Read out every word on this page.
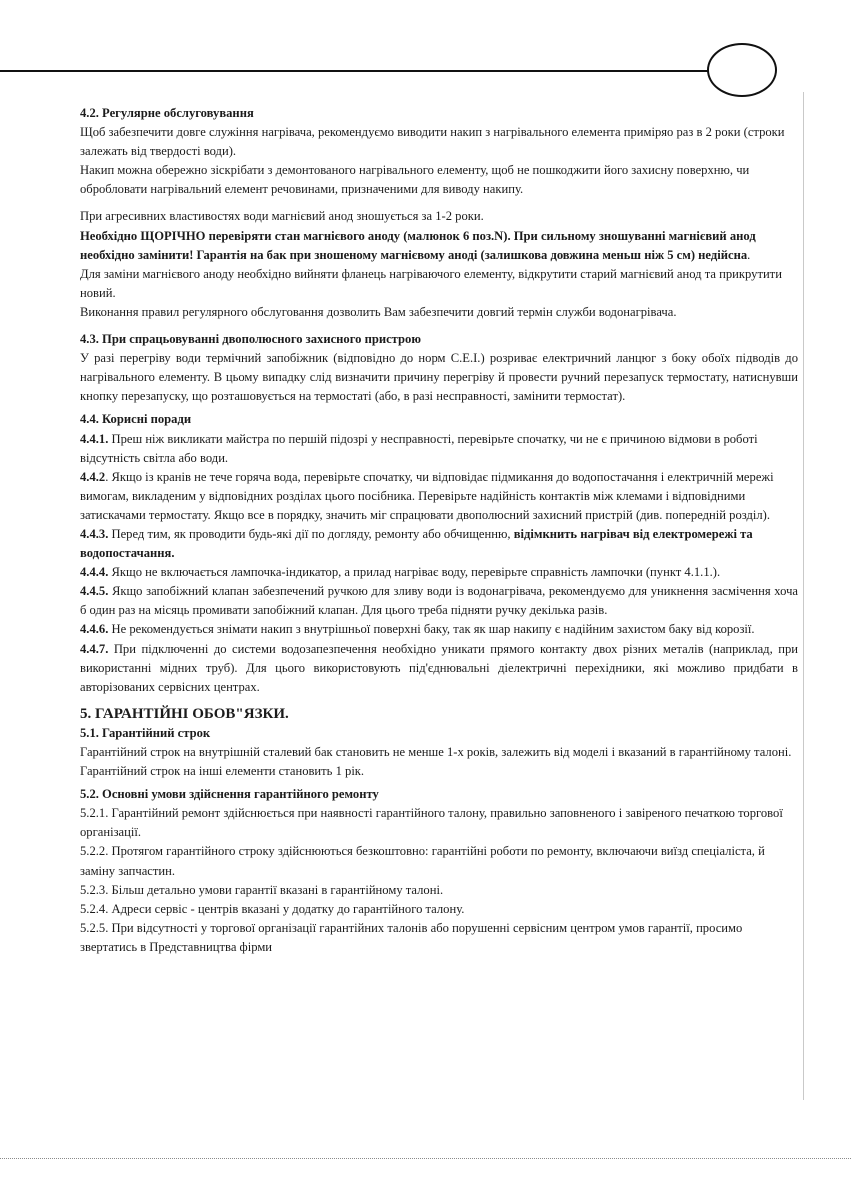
4.2. Регулярне обслуговування

Щоб забезпечити довге служіння нагрівача, рекомендуємо виводити накип з нагрівального елемента приміряо раз в 2 роки (строки залежать від твердості води).

Накип можна обережно зіскрібати з демонтованого нагрівального елементу, щоб не пошкоджити його захисну поверхню, чи обробловати нагрівальний елемент речовинами, призначеними для виводу накипу.

При агресивних властивостях води магнієвий анод зношується за 1-2 роки.

Необхідно ЩОРІЧНО перевіряти стан магнієвого аноду (малюнок 6 поз.N). При сильному зношуванні магнієвий анод необхідно замінити! Гарантія на бак при зношеному магнієвому аноді (залишкова довжина меньш ніж 5 см) недійсна.

Для заміни магнієвого аноду необхідно вийняти фланець нагріваючого елементу, відкрутити старий магнієвий анод та прикрутити новий.

Виконання правил регулярного обслуговання дозволить Вам забезпечити довгий термін служби водонагрівача.

4.3. При спрацьовуванні двополюсного захисного пристрою

У разі перегріву води термічний запобіжник (відповідно до норм С.Е.І.) розриває електричний ланцюг з боку обоїх підводів до нагрівального елементу. В цьому випадку слід визначити причину перегріву й провести ручний перезапуск термостату, натиснувши кнопку перезапуску, що розташовується на термостаті (або, в разі несправності, замінити термостат).

4.4. Корисні поради

4.4.1. Преш ніж викликати майстра по першій підозрі у несправності, перевірьте спочатку, чи не є причиною відмови в роботі відсутність світла або води.

4.4.2. Якщо із кранів не тече горяча вода, перевірьте спочатку, чи відповідає підмикання до водопостачання і електричній мережі вимогам, викладеним у відповідних розділах цього посібника. Перевірьте надійність контактів між клемами і відповідними затискачами термостату. Якщо все в порядку, значить міг спрацювати двополюсний захисний пристрій (див. попередній розділ).

4.4.3. Перед тим, як проводити будь-які дії по догляду, ремонту або обчищенню, відімкнить нагрівач від електромережі та водопостачання.

4.4.4. Якщо не включається лампочка-індикатор, а прилад нагріває воду, перевірьте справність лампочки (пункт 4.1.1.).

4.4.5. Якщо запобіжний клапан забезпечений ручкою для зливу води із водонагрівача, рекомендуємо для уникнення засмічення хоча б один раз на місяць промивати запобіжний клапан. Для цього треба підняти ручку декілька разів.

4.4.6. Не рекомендується знімати накип з внутрішньої поверхні баку, так як шар накипу є надійним захистом баку від корозії.

4.4.7. При підключенні до системи водозапезпечення необхідно уникати прямого контакту двох різних металів (наприклад, при використанні мідних труб). Для цього використовують під'єднювальні діелектричні перехідники, які можливо придбати в авторізованих сервісних центрах.

5. ГАРАНТІЙНІ ОБОВ"ЯЗКИ.

5.1. Гарантійний строк

Гарантійний строк на внутрішній сталевий бак становить не менше 1-х років, залежить від моделі і вказаний в гарантійному талоні. Гарантійний строк на інші елементи становить 1 рік.

5.2. Основні умови здійснення гарантійного ремонту

5.2.1. Гарантійний ремонт здійснюється при наявності гарантійного талону, правильно заповненого і завіреного печаткою торгової організації.

5.2.2. Протягом гарантійного строку здійснюються безкоштовно: гарантійні роботи по ремонту, включаючи виїзд спеціаліста, й заміну запчастин.

5.2.3. Більш детально умови гарантії вказані в гарантійному талоні.

5.2.4. Адреси сервіс - центрів вказані у додатку до гарантійного талону.

5.2.5. При відсутності у торгової організації гарантійних талонів або порушенні сервісним центром умов гарантії, просимо звертатись в Представництва фірми
